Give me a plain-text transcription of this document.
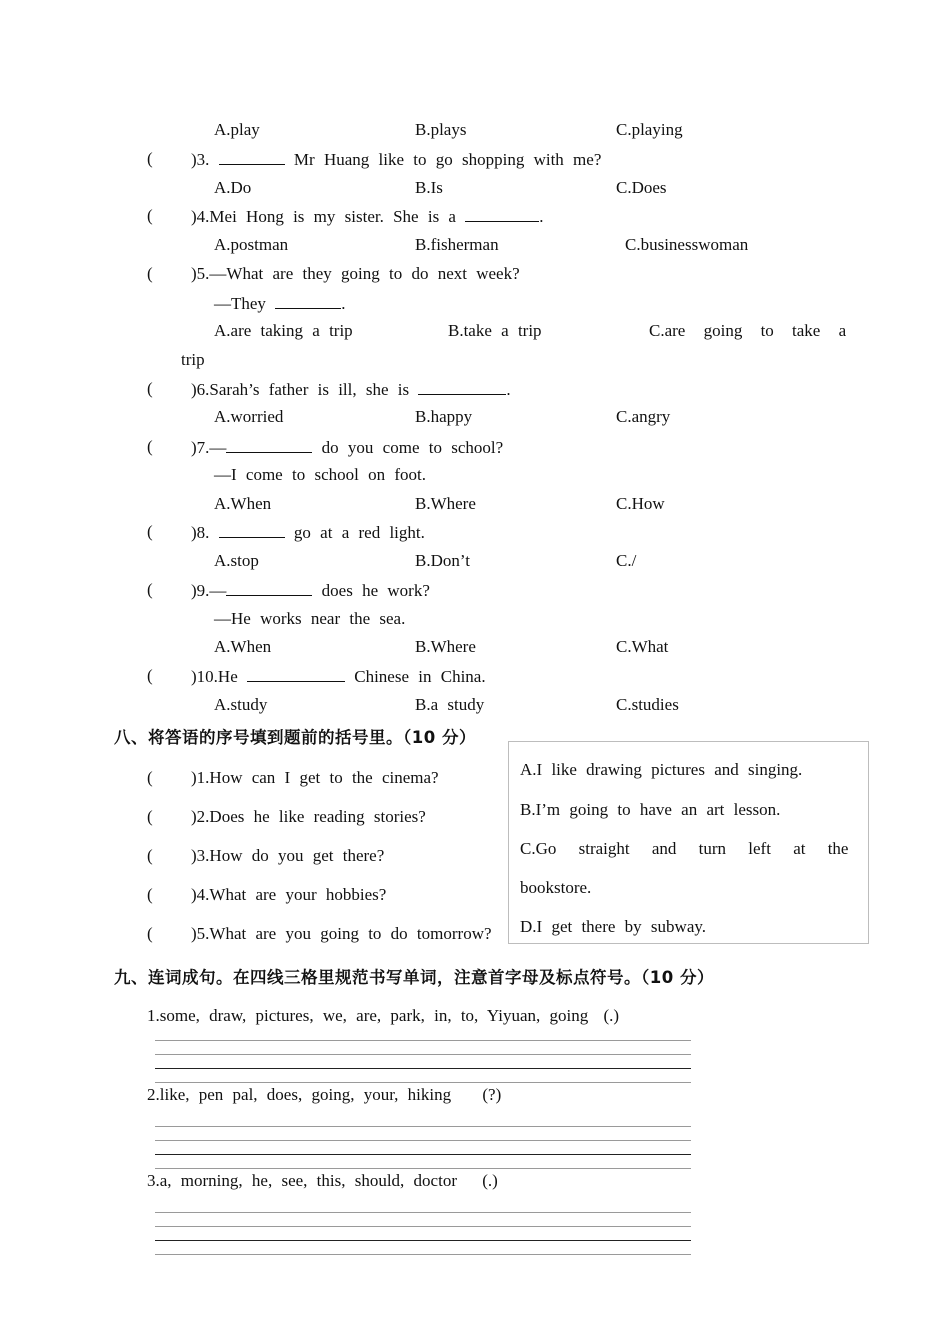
A.play	B.plays	C.playing
( )3.	Mr Huang like to go shopping with me?
A.Do	B.Is	C.Does
( )4.Mei Hong is my sister. She is a	.
A.postman	B.fisherman	C.businesswoman
( )5.—What are they going to do next week?
—They	.
A.are taking a trip	B.take a trip	C.are going to take a
trip
( )6.Sarah’s father is ill, she is	.
A.worried	B.happy	C.angry
( )7.—	do you come to school?
—I come to school on foot.
A.When	B.Where	C.How
( )8.	go at a red light.
A.stop	B.Don’t	C./
( )9.—	does he work?
—He works near the sea.
A.When	B.Where	C.What
( )10.He	Chinese in China.
A.study	B.a study	C.studies
八、将答语的序号填到题前的括号里。（10 分）
( )1.How can I get to the cinema?
( )2.Does he like reading stories?
( )3.How do you get there?
( )4.What are your hobbies?
( )5.What are you going to do tomorrow?
A.I like drawing pictures and singing.
B.I’m going to have an art lesson.
C.Go straight and turn left at the
bookstore.
D.I get there by subway.
九、连词成句。在四线三格里规范书写单词，注意首字母及标点符号。（10 分）
1.some, draw, pictures, we, are, park, in, to, Yiyuan, going (.)
2.like, pen pal, does, going, your, hiking (?)
3.a, morning, he, see, this, should, doctor (.)
